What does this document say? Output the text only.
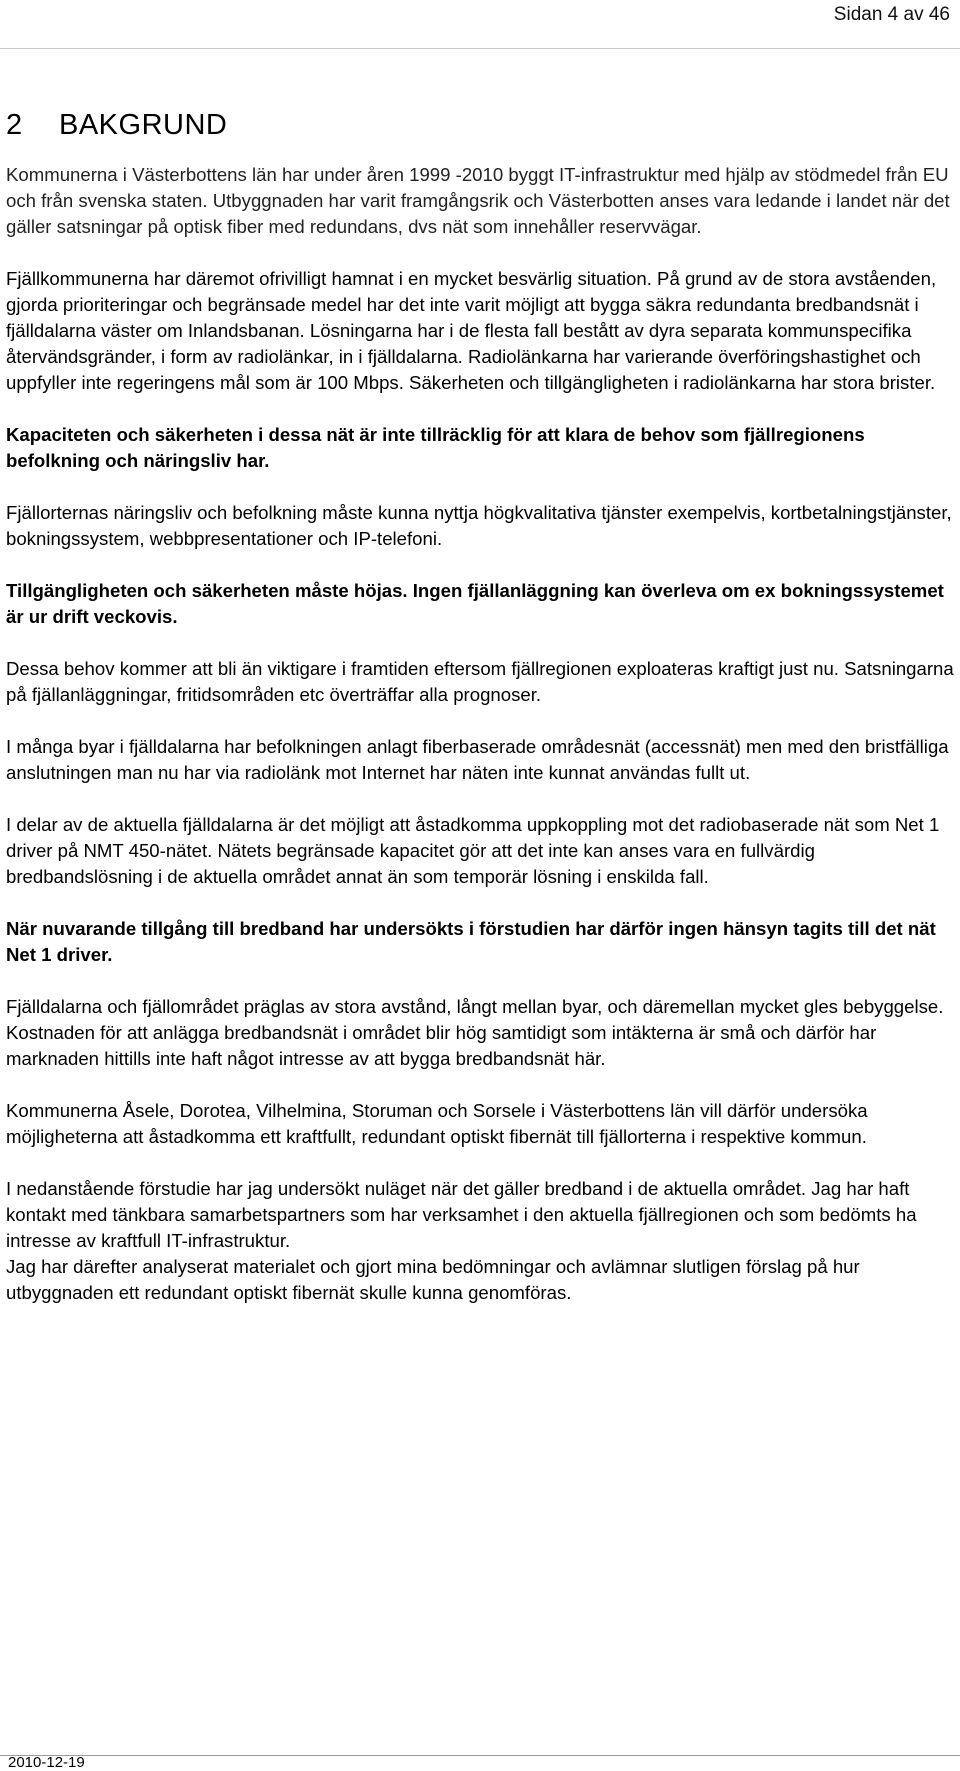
Sidan 4 av 46
2 BAKGRUND

Kommunerna i Västerbottens län har under åren 1999 -2010 byggt IT-infrastruktur med hjälp av stödmedel från EU och från svenska staten. Utbyggnaden har varit framgångsrik och Västerbotten anses vara ledande i landet när det gäller satsningar på optisk fiber med redundans, dvs nät som innehåller reservvägar.

Fjällkommunerna har däremot ofrivilligt hamnat i en mycket besvärlig situation. På grund av de stora avståenden, gjorda prioriteringar och begränsade medel har det inte varit möjligt att bygga säkra redundanta bredbandsnät i fjälldalarna väster om Inlandsbanan. Lösningarna har i de flesta fall bestått av dyra separata kommunspecifika återvändsgränder, i form av radiolänkar, in i fjälldalarna. Radiolänkarna har varierande överföringshastighet och uppfyller inte regeringens mål som är 100 Mbps. Säkerheten och tillgängligheten i radiolänkarna har stora brister.

Kapaciteten och säkerheten i dessa nät är inte tillräcklig för att klara de behov som fjällregionens befolkning och näringsliv har.

Fjällorternas näringsliv och befolkning måste kunna nyttja högkvalitativa tjänster exempelvis, kortbetalningstjänster, bokningssystem, webbpresentationer och IP-telefoni.

Tillgängligheten och säkerheten måste höjas. Ingen fjällanläggning kan överleva om ex bokningssystemet är ur drift veckovis.

Dessa behov kommer att bli än viktigare i framtiden eftersom fjällregionen exploateras kraftigt just nu. Satsningarna på fjällanläggningar, fritidsområden etc överträffar alla prognoser.

I många byar i fjälldalarna har befolkningen anlagt fiberbaserade områdesnät (accessnät) men med den bristfälliga anslutningen man nu har via radiolänk mot Internet har näten inte kunnat användas fullt ut.

I delar av de aktuella fjälldalarna är det möjligt att åstadkomma uppkoppling mot det radiobaserade nät som Net 1 driver på NMT 450-nätet. Nätets begränsade kapacitet gör att det inte kan anses vara en fullvärdig bredbandslösning i de aktuella området annat än som temporär lösning i enskilda fall.

När nuvarande tillgång till bredband har undersökts i förstudien har därför ingen hänsyn tagits till det nät Net 1 driver.

Fjälldalarna och fjällområdet präglas av stora avstånd, långt mellan byar, och däremellan mycket gles bebyggelse. Kostnaden för att anlägga bredbandsnät i området blir hög samtidigt som intäkterna är små och därför har marknaden hittills inte haft något intresse av att bygga bredbandsnät här.

Kommunerna Åsele, Dorotea, Vilhelmina, Storuman och Sorsele i Västerbottens län vill därför undersöka möjligheterna att åstadkomma ett kraftfullt, redundant optiskt fibernät till fjällorterna i respektive kommun.

I nedanstående förstudie har jag undersökt nuläget när det gäller bredband i de aktuella området. Jag har haft kontakt med tänkbara samarbetspartners som har verksamhet i den aktuella fjällregionen och som bedömts ha intresse av kraftfull IT-infrastruktur.

Jag har därefter analyserat materialet och gjort mina bedömningar och avlämnar slutligen förslag på hur utbyggnaden ett redundant optiskt fibernät skulle kunna genomföras.

2010-12-19
